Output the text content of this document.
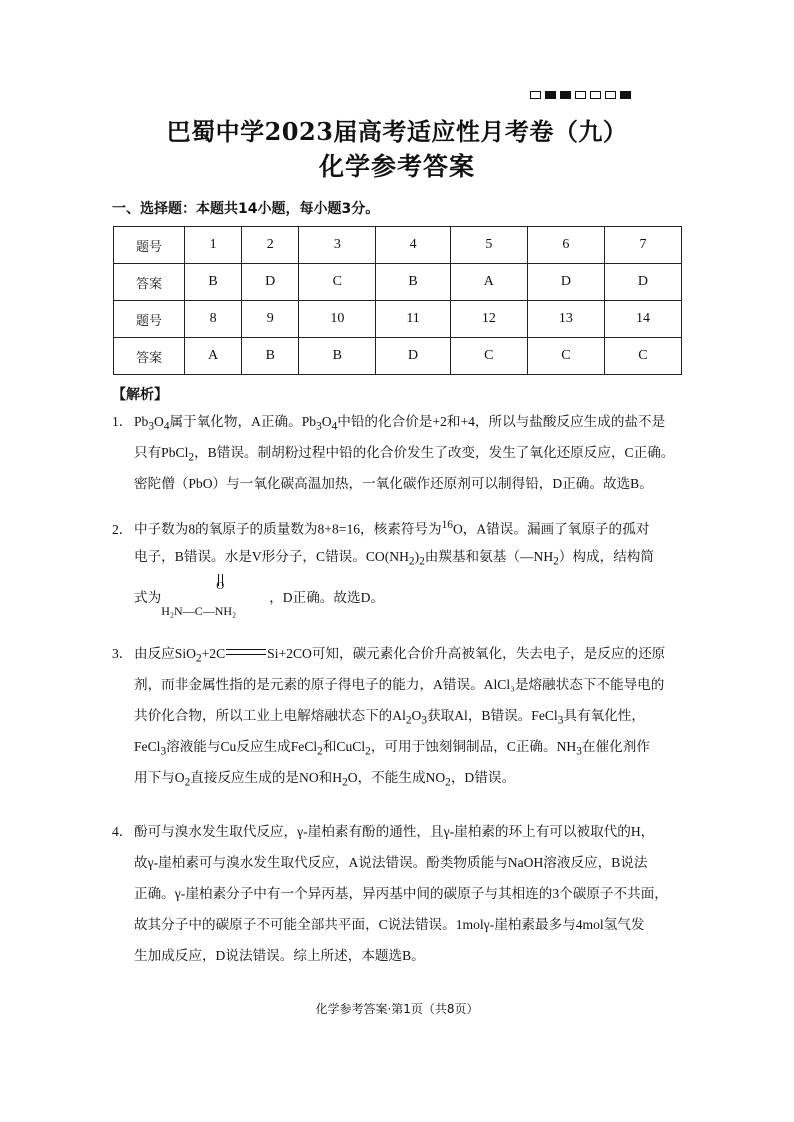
巴蜀中学2023届高考适应性月考卷（九）
化学参考答案
一、选择题：本题共14小题，每小题3分。
题号	1	2	3	4	5	6	7
答案	B	D	C	B	A	D	D
题号	8	9	10	11	12	13	14
答案	A	B	B	D	C	C	C
【解析】
1． $Pb_3O_4$属于氧化物，A正确。$Pb_3O_4$中铅的化合价是+2和+4，所以与盐酸反应生成的盐不是
只有PbCl$_2$，B错误。制胡粉过程中铅的化合价发生了改变，发生了氧化还原反应，C正确。
密陀僧（PbO）与一氧化碳高温加热，一氧化碳作还原剂可以制得铅，D正确。故选B。
2． 中子数为8的氧原子的质量数为8+8=16，核素符号为$^{16}$O，A错误。漏画了氧原子的孤对
电子，B错误。水是V形分子，C错误。$CO(NH_2)_2$由羰基和氨基$(—NH_2)$构成，结构简
式为
O
H₂N—C—NH₂
，D正确。故选D。
3． 由反应SiO$_2$+2C	Si+2CO可知，碳元素化合价升高被氧化，失去电子，是反应的还原
剂，而非金属性指的是元素的原子得电子的能力，A错误。AlCl₃是熔融状态下不能导电的
共价化合物，所以工业上电解熔融状态下的$Al_2O_3$获取Al，B错误。FeCl$_3$具有氧化性，
FeCl$_3$溶液能与Cu反应生成FeCl$_2$和CuCl$_2$，可用于蚀刻铜制品，C正确。$NH_3$在催化剂作
用下与$O_2$直接反应生成的是NO和$H_2O$，不能生成$NO_2$，D错误。
4． 酚可与溴水发生取代反应，γ-崖柏素有酚的通性，且γ-崖柏素的环上有可以被取代的H，
故γ-崖柏素可与溴水发生取代反应，A说法错误。酚类物质能与NaOH溶液反应，B说法
正确。γ-崖柏素分子中有一个异丙基，异丙基中间的碳原子与其相连的3个碳原子不共面，
故其分子中的碳原子不可能全部共平面，C说法错误。1molγ-崖柏素最多与4mol氢气发
生加成反应，D说法错误。综上所述，本题选B。
化学参考答案·第1页（共8页）
